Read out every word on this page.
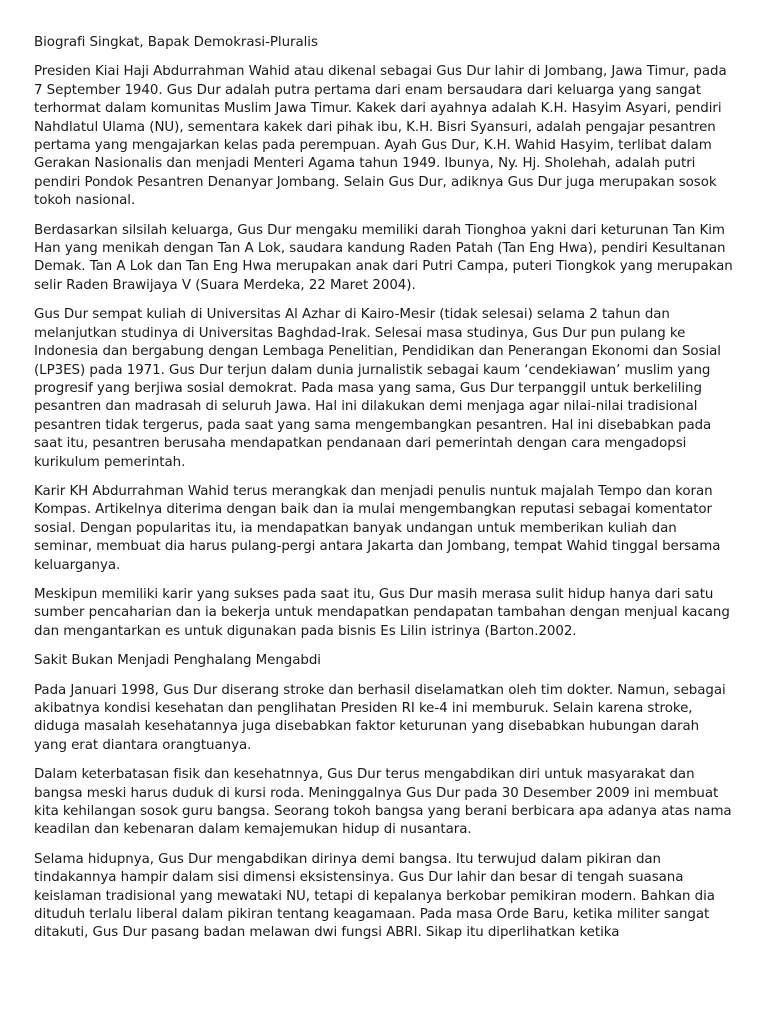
Biografi Singkat, Bapak Demokrasi-Pluralis

Presiden Kiai Haji Abdurrahman Wahid atau dikenal sebagai Gus Dur lahir di Jombang, Jawa Timur, pada 7 September 1940. Gus Dur adalah putra pertama dari enam bersaudara dari keluarga yang sangat terhormat dalam komunitas Muslim Jawa Timur. Kakek dari ayahnya adalah K.H. Hasyim Asyari, pendiri Nahdlatul Ulama (NU), sementara kakek dari pihak ibu, K.H. Bisri Syansuri, adalah pengajar pesantren pertama yang mengajarkan kelas pada perempuan. Ayah Gus Dur, K.H. Wahid Hasyim, terlibat dalam Gerakan Nasionalis dan menjadi Menteri Agama tahun 1949. Ibunya, Ny. Hj. Sholehah, adalah putri pendiri Pondok Pesantren Denanyar Jombang. Selain Gus Dur, adiknya Gus Dur juga merupakan sosok tokoh nasional.

Berdasarkan silsilah keluarga, Gus Dur mengaku memiliki darah Tionghoa yakni dari keturunan Tan Kim Han yang menikah dengan Tan A Lok, saudara kandung Raden Patah (Tan Eng Hwa), pendiri Kesultanan Demak. Tan A Lok dan Tan Eng Hwa merupakan anak dari Putri Campa, puteri Tiongkok yang merupakan selir Raden Brawijaya V (Suara Merdeka, 22 Maret 2004).

Gus Dur sempat kuliah di Universitas Al Azhar di Kairo-Mesir (tidak selesai) selama 2 tahun dan melanjutkan studinya di Universitas Baghdad-Irak. Selesai masa studinya, Gus Dur pun pulang ke Indonesia dan bergabung dengan Lembaga Penelitian, Pendidikan dan Penerangan Ekonomi dan Sosial (LP3ES) pada 1971. Gus Dur terjun dalam dunia jurnalistik sebagai kaum ‘cendekiawan’ muslim yang progresif yang berjiwa sosial demokrat. Pada masa yang sama, Gus Dur terpanggil untuk berkeliling pesantren dan madrasah di seluruh Jawa. Hal ini dilakukan demi menjaga agar nilai-nilai tradisional pesantren tidak tergerus, pada saat yang sama mengembangkan pesantren. Hal ini disebabkan pada saat itu, pesantren berusaha mendapatkan pendanaan dari pemerintah dengan cara mengadopsi kurikulum pemerintah.

Karir KH Abdurrahman Wahid terus merangkak dan menjadi penulis nuntuk majalah Tempo dan koran Kompas. Artikelnya diterima dengan baik dan ia mulai mengembangkan reputasi sebagai komentator sosial. Dengan popularitas itu, ia mendapatkan banyak undangan untuk memberikan kuliah dan seminar, membuat dia harus pulang-pergi antara Jakarta dan Jombang, tempat Wahid tinggal bersama keluarganya.

Meskipun memiliki karir yang sukses pada saat itu, Gus Dur masih merasa sulit hidup hanya dari satu sumber pencaharian dan ia bekerja untuk mendapatkan pendapatan tambahan dengan menjual kacang dan mengantarkan es untuk digunakan pada bisnis Es Lilin istrinya (Barton.2002.

Sakit Bukan Menjadi Penghalang Mengabdi

Pada Januari 1998, Gus Dur diserang stroke dan berhasil diselamatkan oleh tim dokter. Namun, sebagai akibatnya kondisi kesehatan dan penglihatan Presiden RI ke-4 ini memburuk. Selain karena stroke, diduga masalah kesehatannya juga disebabkan faktor keturunan yang disebabkan hubungan darah yang erat diantara orangtuanya.

Dalam keterbatasan fisik dan kesehatnnya, Gus Dur terus mengabdikan diri untuk masyarakat dan bangsa meski harus duduk di kursi roda. Meninggalnya Gus Dur pada 30 Desember 2009 ini membuat kita kehilangan sosok guru bangsa. Seorang tokoh bangsa yang berani berbicara apa adanya atas nama keadilan dan kebenaran dalam kemajemukan hidup di nusantara.

Selama hidupnya, Gus Dur mengabdikan dirinya demi bangsa. Itu terwujud dalam pikiran dan tindakannya hampir dalam sisi dimensi eksistensinya. Gus Dur lahir dan besar di tengah suasana keislaman tradisional yang mewataki NU, tetapi di kepalanya berkobar pemikiran modern. Bahkan dia dituduh terlalu liberal dalam pikiran tentang keagamaan. Pada masa Orde Baru, ketika militer sangat ditakuti, Gus Dur pasang badan melawan dwi fungsi ABRI. Sikap itu diperlihatkan ketika
